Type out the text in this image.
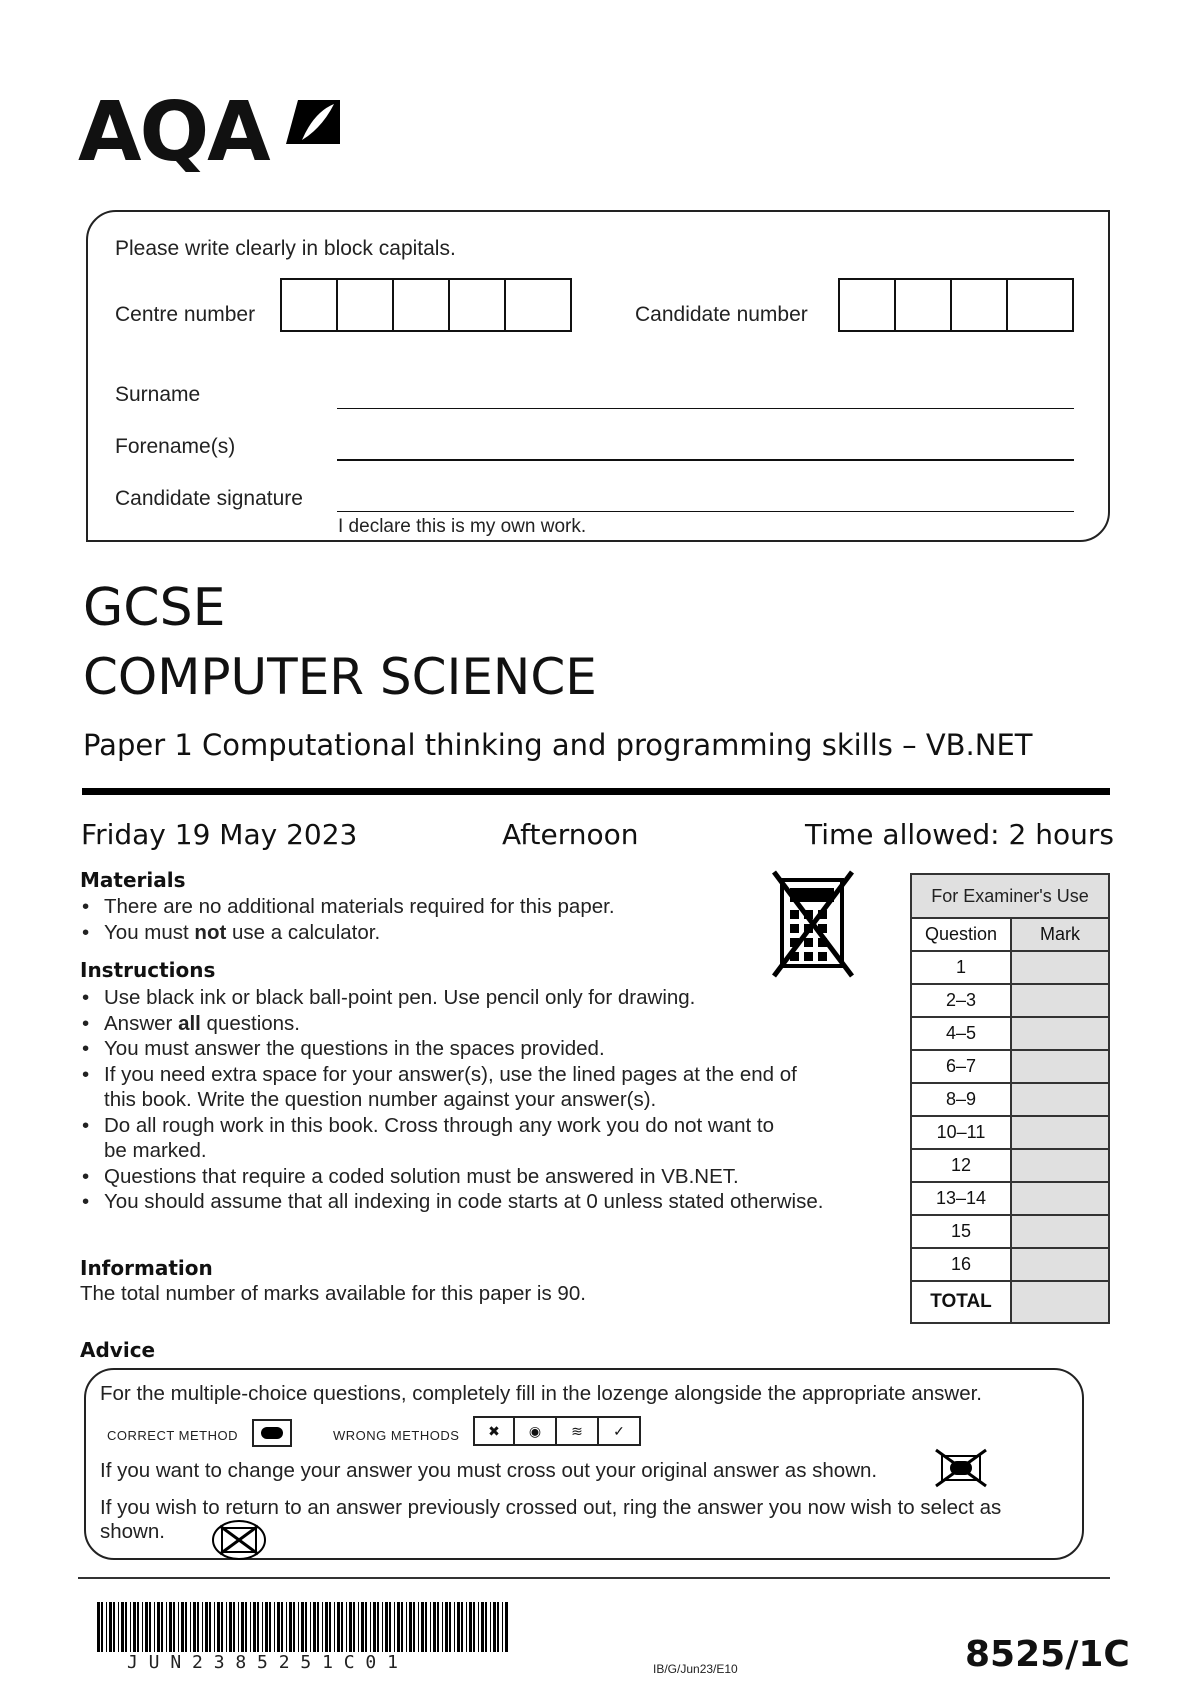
AQA
Please write clearly in block capitals.
Centre number	Candidate number
Surname
Forename(s)
Candidate signature
I declare this is my own work.
GCSE
COMPUTER SCIENCE
Paper 1 Computational thinking and programming skills – VB.NET
Friday 19 May 2023	Afternoon	Time allowed: 2 hours
Materials
• There are no additional materials required for this paper.
• You must not use a calculator.
Instructions
• Use black ink or black ball-point pen. Use pencil only for drawing.
• Answer all questions.
• You must answer the questions in the spaces provided.
• If you need extra space for your answer(s), use the lined pages at the end of this book. Write the question number against your answer(s).
• Do all rough work in this book. Cross through any work you do not want to be marked.
• Questions that require a coded solution must be answered in VB.NET.
• You should assume that all indexing in code starts at 0 unless stated otherwise.
Information
The total number of marks available for this paper is 90.
For Examiner's Use	
Question	Mark
1	
2–3	
4–5	
6–7	
8–9	
10–11	
12	
13–14	
15	
16	
TOTAL	
Advice
For the multiple-choice questions, completely fill in the lozenge alongside the appropriate answer.
CORRECT METHOD	WRONG METHODS	✖	◉	≋	✓
If you want to change your answer you must cross out your original answer as shown.
If you wish to return to an answer previously crossed out, ring the answer you now wish to select as shown.
J U N 2 3 8 5 2 5 1 C 0 1	IB/G/Jun23/E10	8525/1C
